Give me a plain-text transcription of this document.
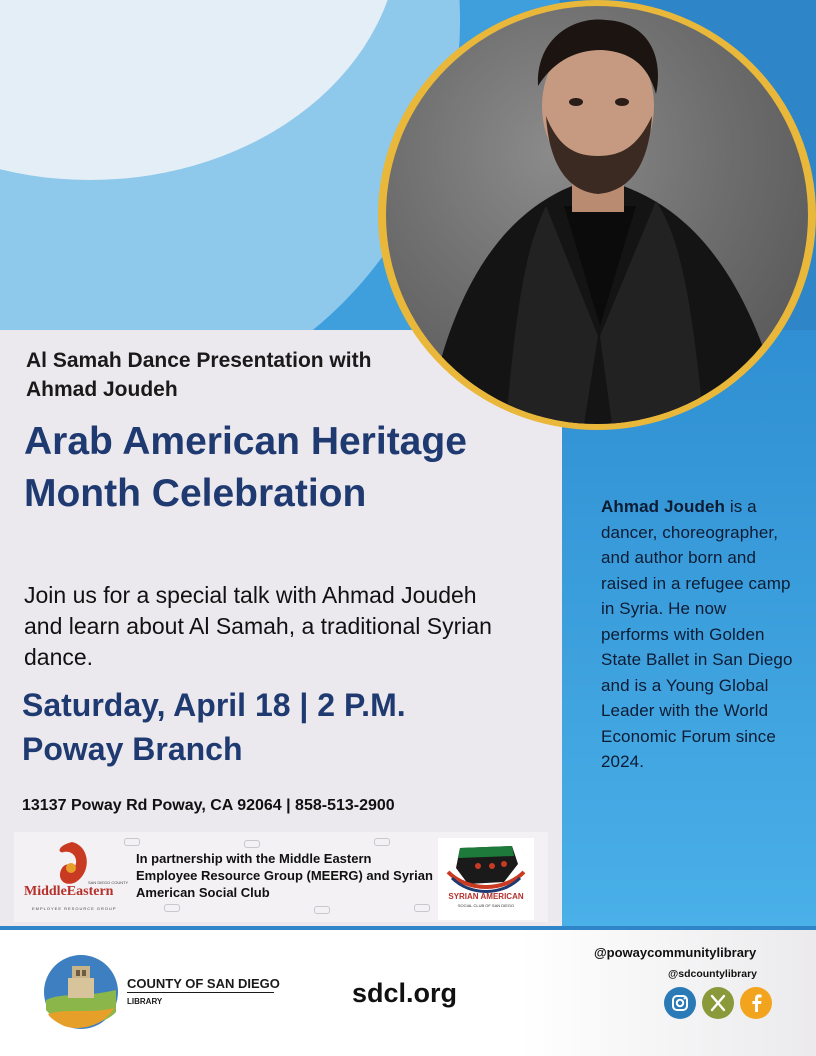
Al Samah Dance Presentation with Ahmad Joudeh

Arab American Heritage Month Celebration

Join us for a special talk with Ahmad Joudeh and learn about Al Samah, a traditional Syrian dance.

Saturday, April 18 | 2 P.M.

Poway Branch

13137 Poway Rd Poway, CA 92064 | 858-513-2900

MiddleEastern

SAN DIEGO COUNTY

EMPLOYEE RESOURCE GROUP

In partnership with the Middle Eastern Employee Resource Group (MEERG) and Syrian American Social Club	SYRIAN AMERICAN

SOCIAL CLUB OF SAN DIEGO

Ahmad Joudeh is a dancer, choreographer, and author born and raised in a refugee camp in Syria. He now performs with Golden State Ballet in San Diego and is a Young Global Leader with the World Economic Forum since 2024.

COUNTY OF SAN DIEGO

LIBRARY	sdcl.org

@powaycommunitylibrary

@sdcountylibrary
